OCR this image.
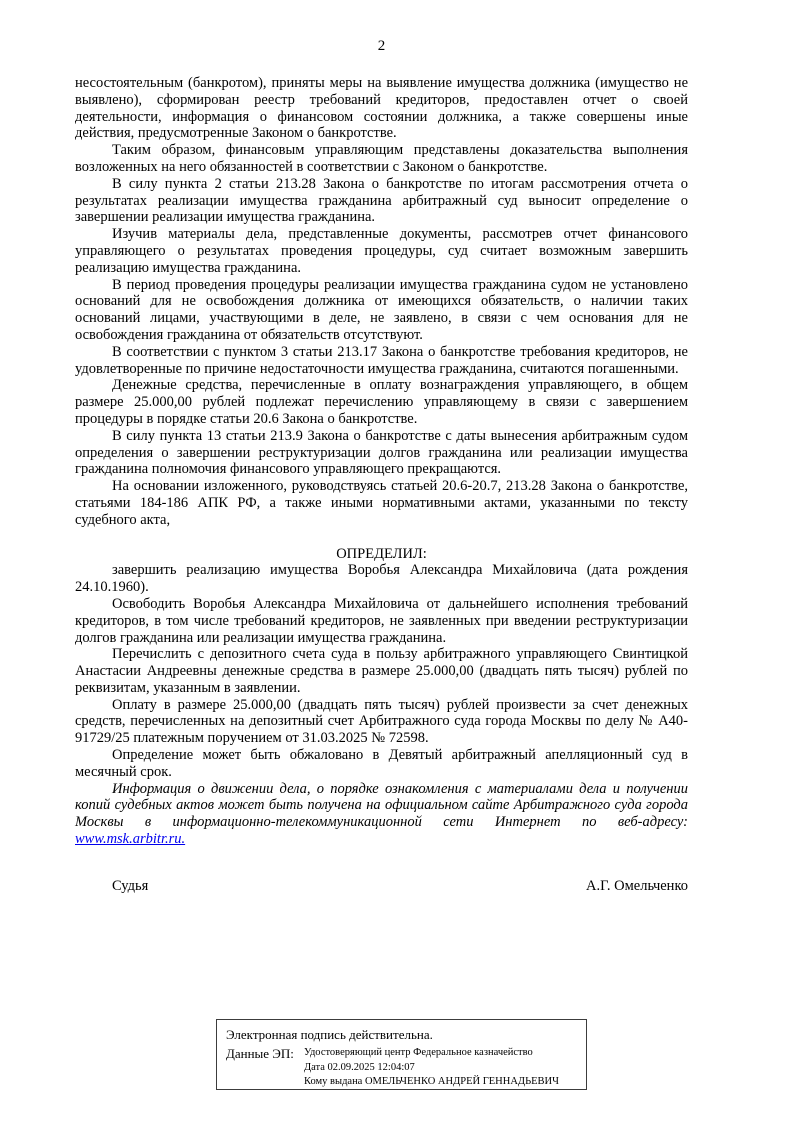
2

несостоятельным (банкротом), приняты меры на выявление имущества должника (имущество не выявлено), сформирован реестр требований кредиторов, предоставлен отчет о своей деятельности, информация о финансовом состоянии должника, а также совершены иные действия, предусмотренные Законом о банкротстве.

Таким образом, финансовым управляющим представлены доказательства выполнения возложенных на него обязанностей в соответствии с Законом о банкротстве.

В силу пункта 2 статьи 213.28 Закона о банкротстве по итогам рассмотрения отчета о результатах реализации имущества гражданина арбитражный суд выносит определение о завершении реализации имущества гражданина.

Изучив материалы дела, представленные документы, рассмотрев отчет финансового управляющего о результатах проведения процедуры, суд считает возможным завершить реализацию имущества гражданина.

В период проведения процедуры реализации имущества гражданина судом не установлено оснований для не освобождения должника от имеющихся обязательств, о наличии таких оснований лицами, участвующими в деле, не заявлено, в связи с чем основания для не освобождения гражданина от обязательств отсутствуют.

В соответствии с пунктом 3 статьи 213.17 Закона о банкротстве требования кредиторов, не удовлетворенные по причине недостаточности имущества гражданина, считаются погашенными.

Денежные средства, перечисленные в оплату вознаграждения управляющего, в общем размере 25.000,00 рублей подлежат перечислению управляющему в связи с завершением процедуры в порядке статьи 20.6 Закона о банкротстве.

В силу пункта 13 статьи 213.9 Закона о банкротстве с даты вынесения арбитражным судом определения о завершении реструктуризации долгов гражданина или реализации имущества гражданина полномочия финансового управляющего прекращаются.

На основании изложенного, руководствуясь статьей 20.6-20.7, 213.28 Закона о банкротстве, статьями 184-186 АПК РФ, а также иными нормативными актами, указанными по тексту судебного акта,

ОПРЕДЕЛИЛ:

завершить реализацию имущества Воробья Александра Михайловича (дата рождения 24.10.1960).

Освободить Воробья Александра Михайловича от дальнейшего исполнения требований кредиторов, в том числе требований кредиторов, не заявленных при введении реструктуризации долгов гражданина или реализации имущества гражданина.

Перечислить с депозитного счета суда в пользу арбитражного управляющего Свинтицкой Анастасии Андреевны денежные средства в размере 25.000,00 (двадцать пять тысяч) рублей по реквизитам, указанным в заявлении.

Оплату в размере 25.000,00 (двадцать пять тысяч) рублей произвести за счет денежных средств, перечисленных на депозитный счет Арбитражного суда города Москвы по делу № А40-91729/25 платежным поручением от 31.03.2025 № 72598.

Определение может быть обжаловано в Девятый арбитражный апелляционный суд в месячный срок.

Информация о движении дела, о порядке ознакомления с материалами дела и получении копий судебных актов может быть получена на официальном сайте Арбитражного суда города Москвы в информационно-телекоммуникационной сети Интернет по веб-адресу: www.msk.arbitr.ru.

Судья	А.Г. Омельченко
Электронная подпись действительна.
Данные ЭП: Удостоверяющий центр Федеральное казначейство
Дата 02.09.2025 12:04:07
Кому выдана ОМЕЛЬЧЕНКО АНДРЕЙ ГЕННАДЬЕВИЧ
